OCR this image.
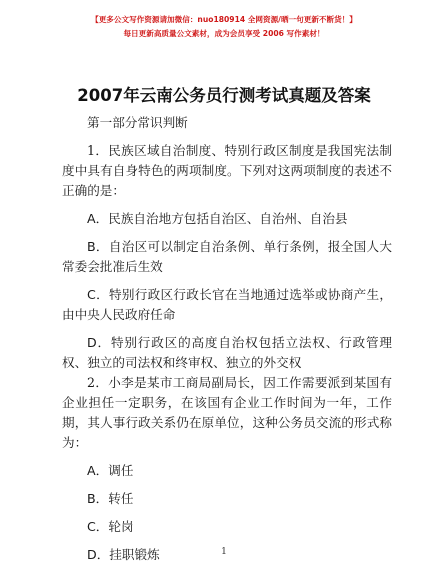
【更多公文写作资源请加微信：nuo180914 全网资源/晒一句更新不断货！】
每日更新高质量公文素材，成为会员享受 2006 写作素材！
2007年云南公务员行测考试真题及答案

第一部分常识判断

1．民族区域自治制度、特别行政区制度是我国宪法制度中具有自身特色的两项制度。下列对这两项制度的表述不正确的是：

A．民族自治地方包括自治区、自治州、自治县

B．自治区可以制定自治条例、单行条例，报全国人大常委会批准后生效

C．特别行政区行政长官在当地通过选举或协商产生，由中央人民政府任命

D．特别行政区的高度自治权包括立法权、行政管理权、独立的司法权和终审权、独立的外交权

2．小李是某市工商局副局长，因工作需要派到某国有企业担任一定职务，在该国有企业工作时间为一年，工作期，其人事行政关系仍在原单位，这种公务员交流的形式称为：

A．调任

B．转任

C．轮岗

D．挂职锻炼	1
